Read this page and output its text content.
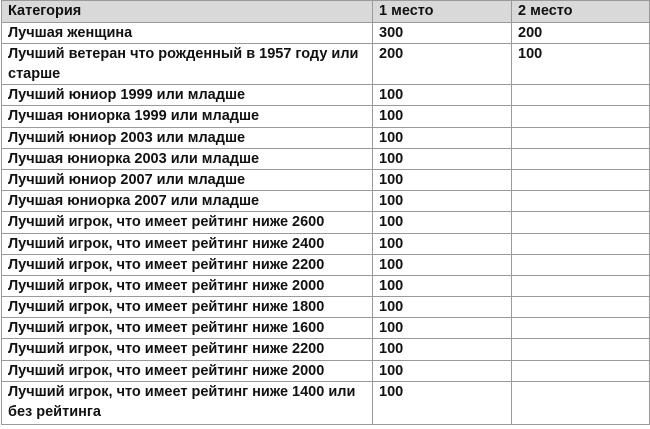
Категория	1 место	2 место

Лучшая женщина	300	200

Лучший ветеран что рожденный в 1957 году или старше	200	100

Лучший юниор 1999 или младше	100	

Лучшая юниорка 1999 или младше	100	

Лучший юниор 2003 или младше	100	

Лучшая юниорка 2003 или младше	100	

Лучший юниор 2007 или младше	100	

Лучшая юниорка 2007 или младше	100	

Лучший игрок, что имеет рейтинг ниже 2600	100	

Лучший игрок, что имеет рейтинг ниже 2400	100	

Лучший игрок, что имеет рейтинг ниже 2200	100	

Лучший игрок, что имеет рейтинг ниже 2000	100	

Лучший игрок, что имеет рейтинг ниже 1800	100	

Лучший игрок, что имеет рейтинг ниже 1600	100	

Лучший игрок, что имеет рейтинг ниже 2200	100	

Лучший игрок, что имеет рейтинг ниже 2000	100	

Лучший игрок, что имеет рейтинг ниже 1400 или без рейтинга	100	
